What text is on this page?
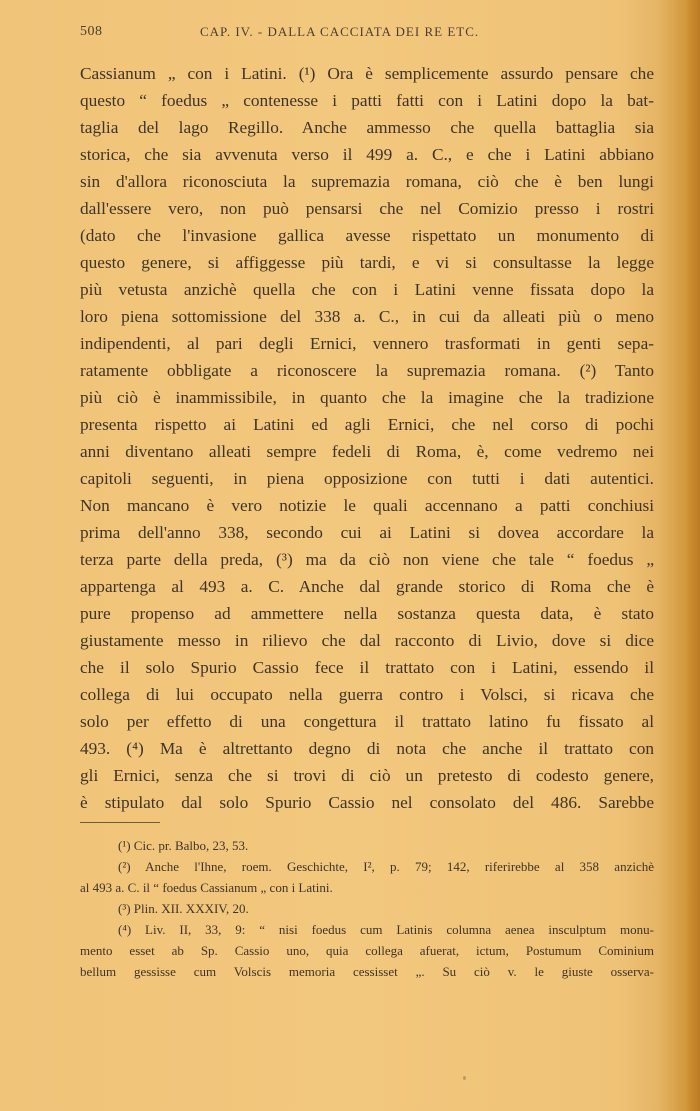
508	CAP. IV. - DALLA CACCIATA DEI RE ETC.
Cassianum „ con i Latini. (¹) Ora è semplicemente assurdo pensare che
questo “ foedus „ contenesse i patti fatti con i Latini dopo la bat-
taglia del lago Regillo. Anche ammesso che quella battaglia sia
storica, che sia avvenuta verso il 499 a. C., e che i Latini abbiano
sin d'allora riconosciuta la supremazia romana, ciò che è ben lungi
dall'essere vero, non può pensarsi che nel Comizio presso i rostri
(dato che l'invasione gallica avesse rispettato un monumento di
questo genere, si affiggesse più tardi, e vi si consultasse la legge
più vetusta anzichè quella che con i Latini venne fissata dopo la
loro piena sottomissione del 338 a. C., in cui da alleati più o meno
indipendenti, al pari degli Ernici, vennero trasformati in genti sepa-
ratamente obbligate a riconoscere la supremazia romana. (²) Tanto
più ciò è inammissibile, in quanto che la imagine che la tradizione
presenta rispetto ai Latini ed agli Ernici, che nel corso di pochi
anni diventano alleati sempre fedeli di Roma, è, come vedremo nei
capitoli seguenti, in piena opposizione con tutti i dati autentici.
Non mancano è vero notizie le quali accennano a patti conchiusi
prima dell'anno 338, secondo cui ai Latini si dovea accordare la
terza parte della preda, (³) ma da ciò non viene che tale “ foedus „
appartenga al 493 a. C. Anche dal grande storico di Roma che è
pure propenso ad ammettere nella sostanza questa data, è stato
giustamente messo in rilievo che dal racconto di Livio, dove si dice
che il solo Spurio Cassio fece il trattato con i Latini, essendo il
collega di lui occupato nella guerra contro i Volsci, si ricava che
solo per effetto di una congettura il trattato latino fu fissato al
493. (⁴) Ma è altrettanto degno di nota che anche il trattato con
gli Ernici, senza che si trovi di ciò un pretesto di codesto genere,
è stipulato dal solo Spurio Cassio nel consolato del 486. Sarebbe
(¹) Cic. pr. Balbo, 23, 53.
(²) Anche l'Ihne, roem. Geschichte, I², p. 79; 142, riferirebbe al 358 anzichè
al 493 a. C. il “ foedus Cassianum „ con i Latini.
(³) Plin. XII. XXXIV, 20.
(⁴) Liv. II, 33, 9: “ nisi foedus cum Latinis columna aenea insculptum monu-
mento esset ab Sp. Cassio uno, quia collega afuerat, ictum, Postumum Cominium
bellum gessisse cum Volscis memoria cessisset „. Su ciò v. le giuste osserva-
